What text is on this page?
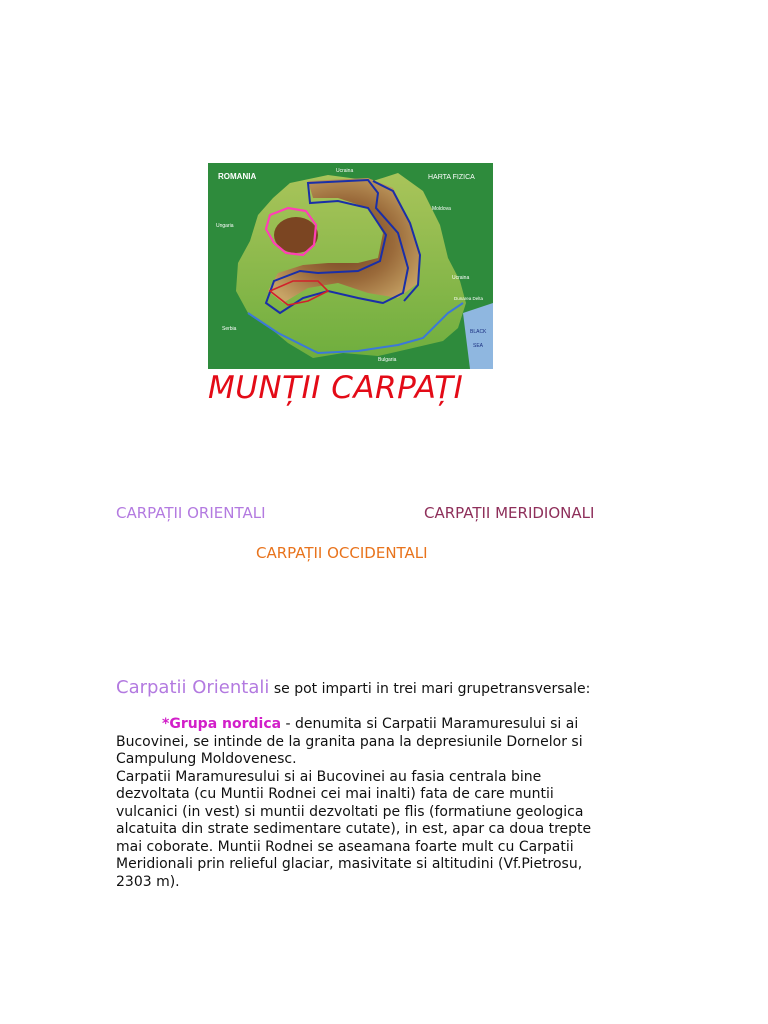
ROMANIA	HARTA FIZICA
Ucraina
Ungaria
Moldova
Ucraina
Dunarea Delta
Bulgaria
Serbia	BLACK
SEA
MUNȚII CARPAȚI

CARPAȚII ORIENTALI	CARPAȚII MERIDIONALI

CARPAȚII OCCIDENTALI

Carpatii Orientali se pot imparti in trei mari grupetransversale:

*Grupa nordica - denumita si Carpatii Maramuresului si ai
Bucovinei, se intinde de la granita pana la depresiunile Dornelor si
Campulung Moldovenesc.
Carpatii Maramuresului si ai Bucovinei au fasia centrala bine
dezvoltata (cu Muntii Rodnei cei mai inalti) fata de care muntii
vulcanici (in vest) si muntii dezvoltati pe flis (formatiune geologica
alcatuita din strate sedimentare cutate), in est, apar ca doua trepte
mai coborate. Muntii Rodnei se aseamana foarte mult cu Carpatii
Meridionali prin relieful glaciar, masivitate si altitudini (Vf.Pietrosu,
2303 m).
